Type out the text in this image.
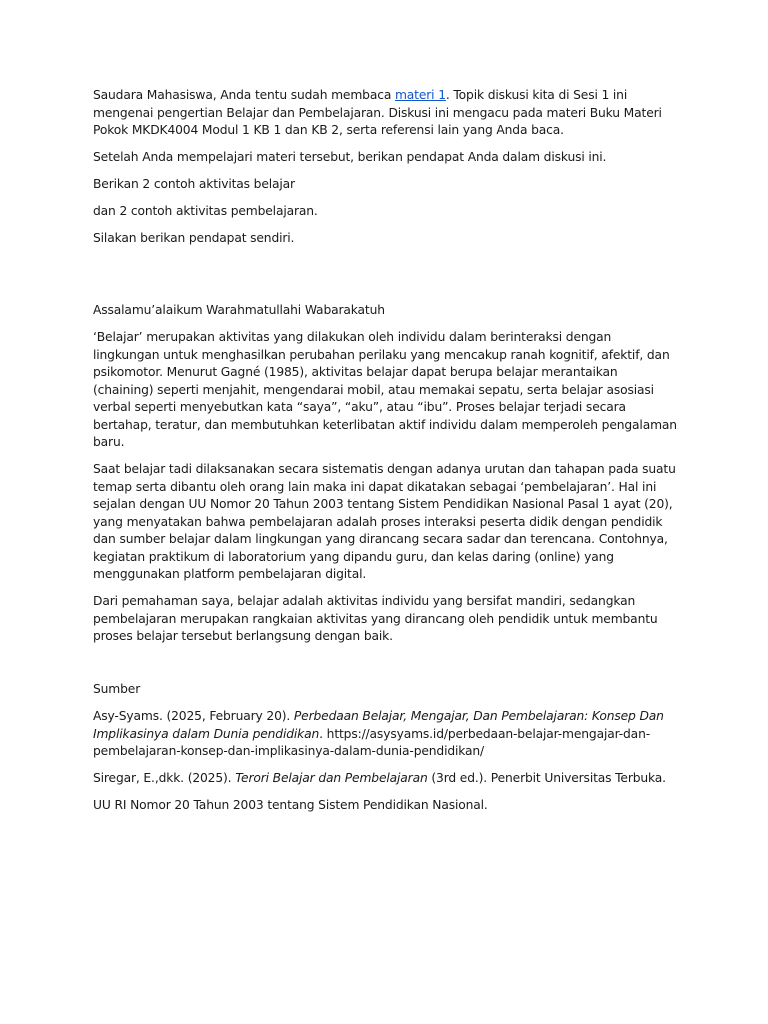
Saudara Mahasiswa, Anda tentu sudah membaca materi 1. Topik diskusi kita di Sesi 1 ini mengenai pengertian Belajar dan Pembelajaran. Diskusi ini mengacu pada materi Buku Materi Pokok MKDK4004 Modul 1 KB 1 dan KB 2, serta referensi lain yang Anda baca.

Setelah Anda mempelajari materi tersebut, berikan pendapat Anda dalam diskusi ini.

Berikan 2 contoh aktivitas belajar

dan 2 contoh aktivitas pembelajaran.

Silakan berikan pendapat sendiri.

Assalamu’alaikum Warahmatullahi Wabarakatuh

‘Belajar’ merupakan aktivitas yang dilakukan oleh individu dalam berinteraksi dengan lingkungan untuk menghasilkan perubahan perilaku yang mencakup ranah kognitif, afektif, dan psikomotor. Menurut Gagné (1985), aktivitas belajar dapat berupa belajar merantaikan (chaining) seperti menjahit, mengendarai mobil, atau memakai sepatu, serta belajar asosiasi verbal seperti menyebutkan kata “saya”, “aku”, atau “ibu”. Proses belajar terjadi secara bertahap, teratur, dan membutuhkan keterlibatan aktif individu dalam memperoleh pengalaman baru.

Saat belajar tadi dilaksanakan secara sistematis dengan adanya urutan dan tahapan pada suatu temap serta dibantu oleh orang lain maka ini dapat dikatakan sebagai ‘pembelajaran’. Hal ini sejalan dengan UU Nomor 20 Tahun 2003 tentang Sistem Pendidikan Nasional Pasal 1 ayat (20), yang menyatakan bahwa pembelajaran adalah proses interaksi peserta didik dengan pendidik dan sumber belajar dalam lingkungan yang dirancang secara sadar dan terencana. Contohnya, kegiatan praktikum di laboratorium yang dipandu guru, dan kelas daring (online) yang menggunakan platform pembelajaran digital.

Dari pemahaman saya, belajar adalah aktivitas individu yang bersifat mandiri, sedangkan pembelajaran merupakan rangkaian aktivitas yang dirancang oleh pendidik untuk membantu proses belajar tersebut berlangsung dengan baik.

Sumber

Asy-Syams. (2025, February 20). Perbedaan Belajar, Mengajar, Dan Pembelajaran: Konsep Dan Implikasinya dalam Dunia pendidikan. https://asysyams.id/perbedaan-belajar-mengajar-dan-pembelajaran-konsep-dan-implikasinya-dalam-dunia-pendidikan/

Siregar, E.,dkk. (2025). Terori Belajar dan Pembelajaran (3rd ed.). Penerbit Universitas Terbuka.

UU RI Nomor 20 Tahun 2003 tentang Sistem Pendidikan Nasional.
